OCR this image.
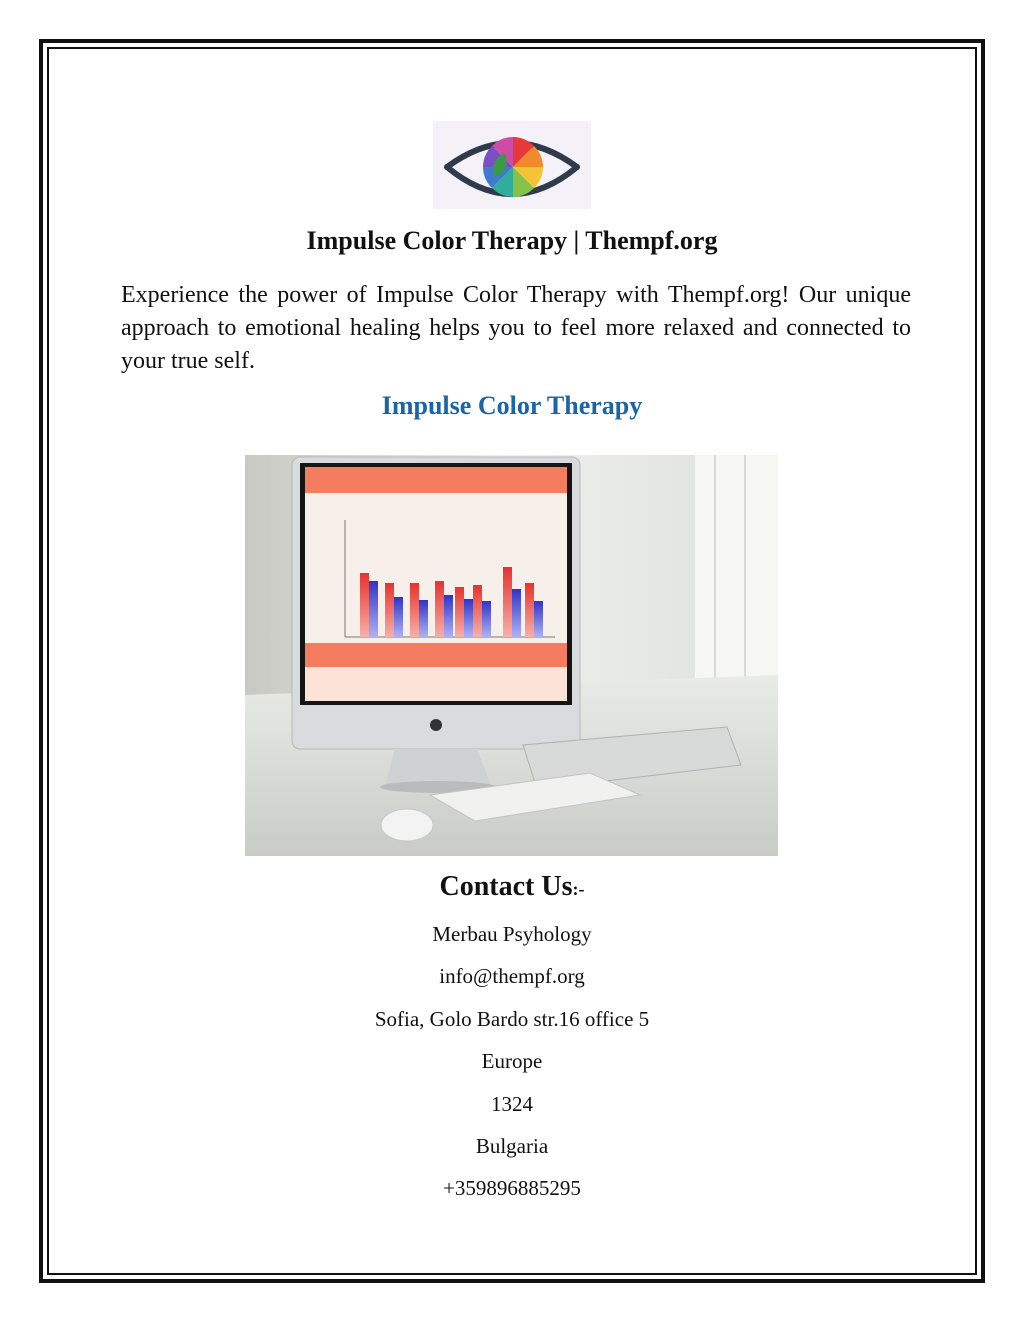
Impulse Color Therapy | Thempf.org
Experience the power of Impulse Color Therapy with Thempf.org! Our unique approach to emotional healing helps you to feel more relaxed and connected to your true self.
Impulse Color Therapy
Contact Us:-
Merbau Psyhology
info@thempf.org
Sofia, Golo Bardo str.16 office 5
Europe
1324
Bulgaria
+359896885295
